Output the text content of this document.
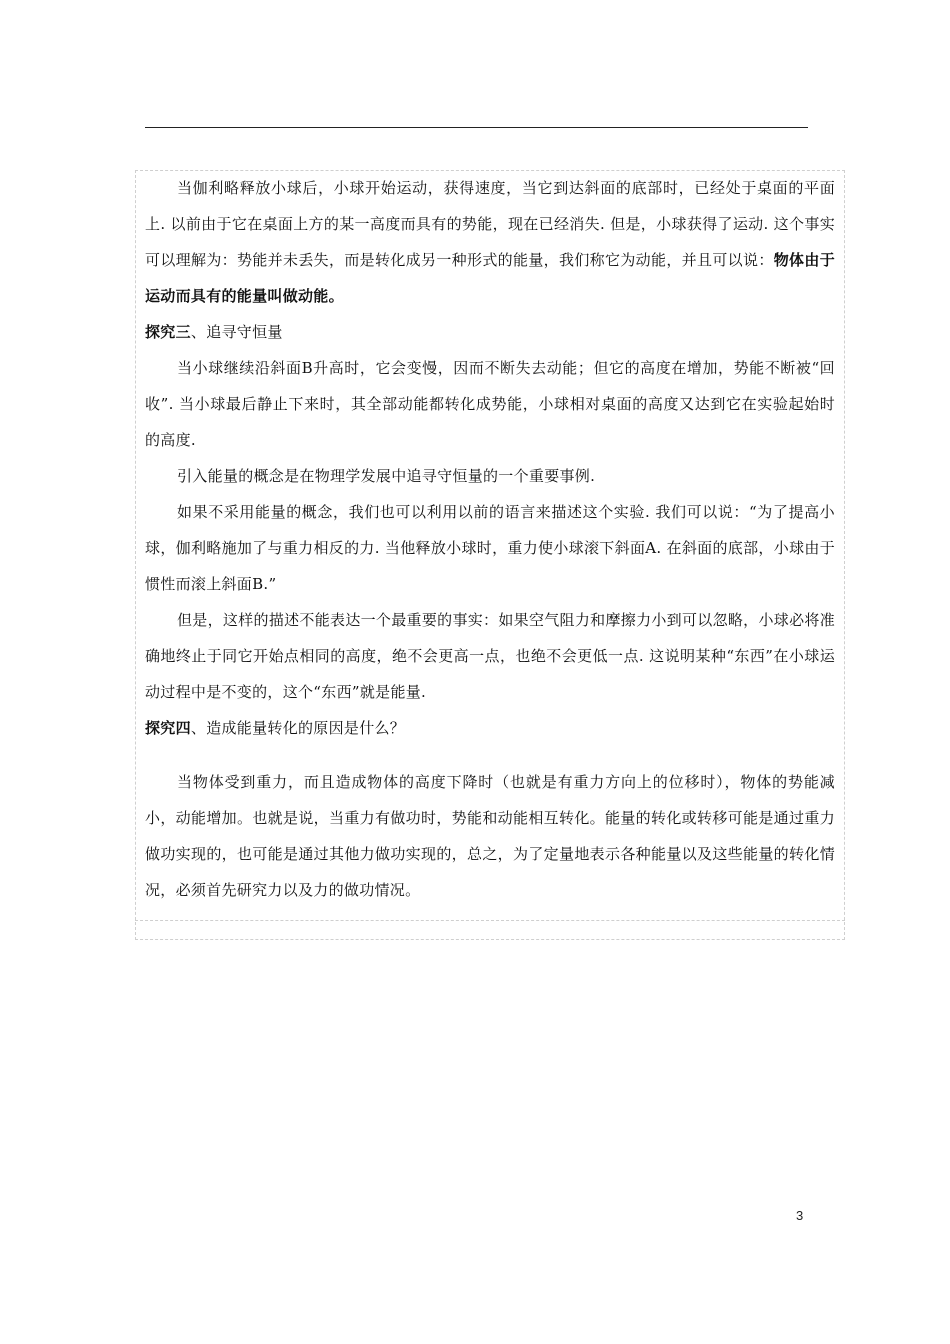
当伽利略释放小球后，小球开始运动，获得速度，当它到达斜面的底部时，已经处于桌面的平面上. 以前由于它在桌面上方的某一高度而具有的势能，现在已经消失. 但是，小球获得了运动. 这个事实可以理解为：势能并未丢失，而是转化成另一种形式的能量，我们称它为动能，并且可以说：物体由于运动而具有的能量叫做动能。

探究三、追寻守恒量

当小球继续沿斜面B升高时，它会变慢，因而不断失去动能；但它的高度在增加，势能不断被“回收”. 当小球最后静止下来时，其全部动能都转化成势能，小球相对桌面的高度又达到它在实验起始时的高度.

引入能量的概念是在物理学发展中追寻守恒量的一个重要事例.

如果不采用能量的概念，我们也可以利用以前的语言来描述这个实验. 我们可以说：“为了提高小球，伽利略施加了与重力相反的力. 当他释放小球时，重力使小球滚下斜面A. 在斜面的底部，小球由于惯性而滚上斜面B.”

但是，这样的描述不能表达一个最重要的事实：如果空气阻力和摩擦力小到可以忽略，小球必将准确地终止于同它开始点相同的高度，绝不会更高一点，也绝不会更低一点. 这说明某种“东西”在小球运动过程中是不变的，这个“东西”就是能量.

探究四、造成能量转化的原因是什么？

当物体受到重力，而且造成物体的高度下降时（也就是有重力方向上的位移时），物体的势能减小，动能增加。也就是说，当重力有做功时，势能和动能相互转化。能量的转化或转移可能是通过重力做功实现的，也可能是通过其他力做功实现的，总之，为了定量地表示各种能量以及这些能量的转化情况，必须首先研究力以及力的做功情况。

3
